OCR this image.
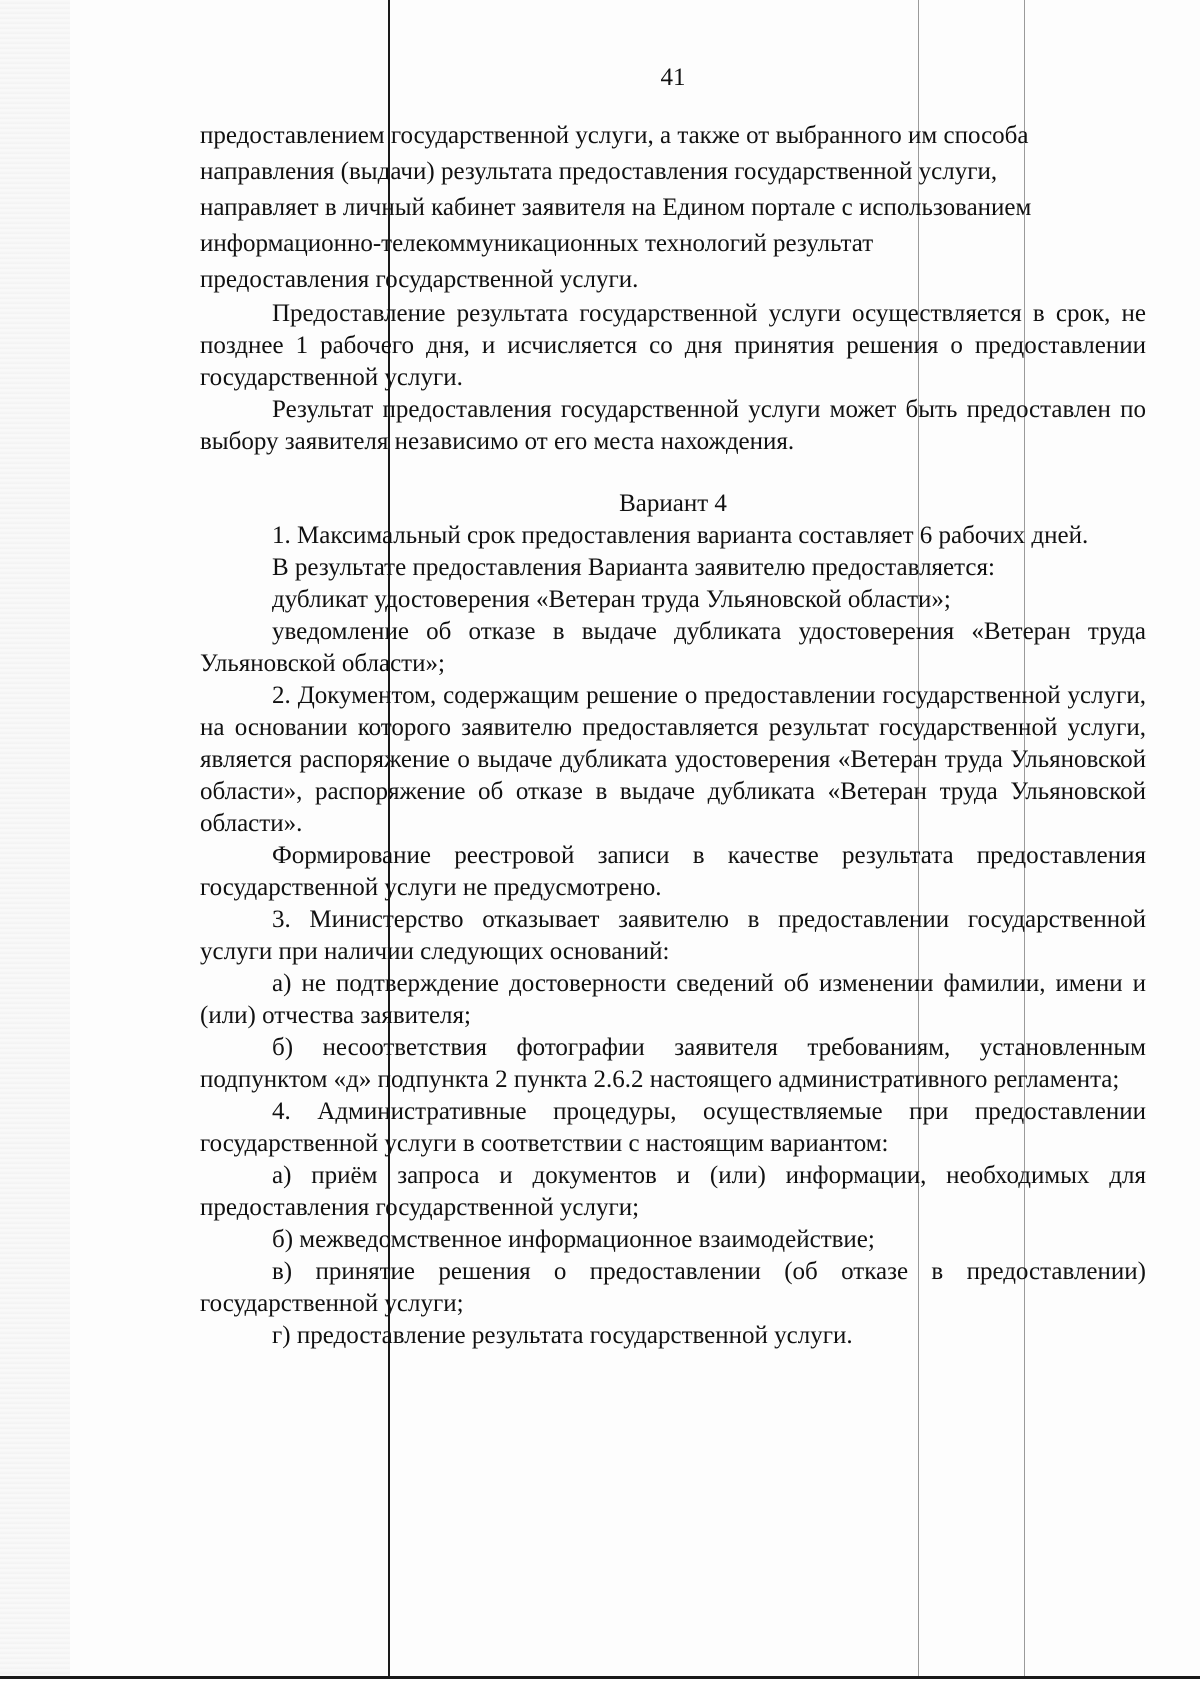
41

предоставлением государственной услуги, а также от выбранного им способа

направления (выдачи) результата предоставления государственной услуги,

направляет в личный кабинет заявителя на Едином портале с использованием

информационно-телекоммуникационных технологий результат

предоставления государственной услуги.

Предоставление результата государственной услуги осуществляется в срок, не позднее 1 рабочего дня, и исчисляется со дня принятия решения о предоставлении государственной услуги.

Результат предоставления государственной услуги может быть предоставлен по выбору заявителя независимо от его места нахождения.

Вариант 4

1. Максимальный срок предоставления варианта составляет 6 рабочих дней.

В результате предоставления Варианта заявителю предоставляется:

дубликат удостоверения «Ветеран труда Ульяновской области»;

уведомление об отказе в выдаче дубликата удостоверения «Ветеран труда Ульяновской области»;

2. Документом, содержащим решение о предоставлении государственной услуги, на основании которого заявителю предоставляется результат государственной услуги, является распоряжение о выдаче дубликата удостоверения «Ветеран труда Ульяновской области», распоряжение об отказе в выдаче дубликата «Ветеран труда Ульяновской области».

Формирование реестровой записи в качестве результата предоставления государственной услуги не предусмотрено.

3. Министерство отказывает заявителю в предоставлении государственной услуги при наличии следующих оснований:

а) не подтверждение достоверности сведений об изменении фамилии, имени и (или) отчества заявителя;

б) несоответствия фотографии заявителя требованиям, установленным подпунктом «д» подпункта 2 пункта 2.6.2 настоящего административного регламента;

4. Административные процедуры, осуществляемые при предоставлении государственной услуги в соответствии с настоящим вариантом:

а) приём запроса и документов и (или) информации, необходимых для предоставления государственной услуги;

б) межведомственное информационное взаимодействие;

в) принятие решения о предоставлении (об отказе в предоставлении) государственной услуги;

г) предоставление результата государственной услуги.
